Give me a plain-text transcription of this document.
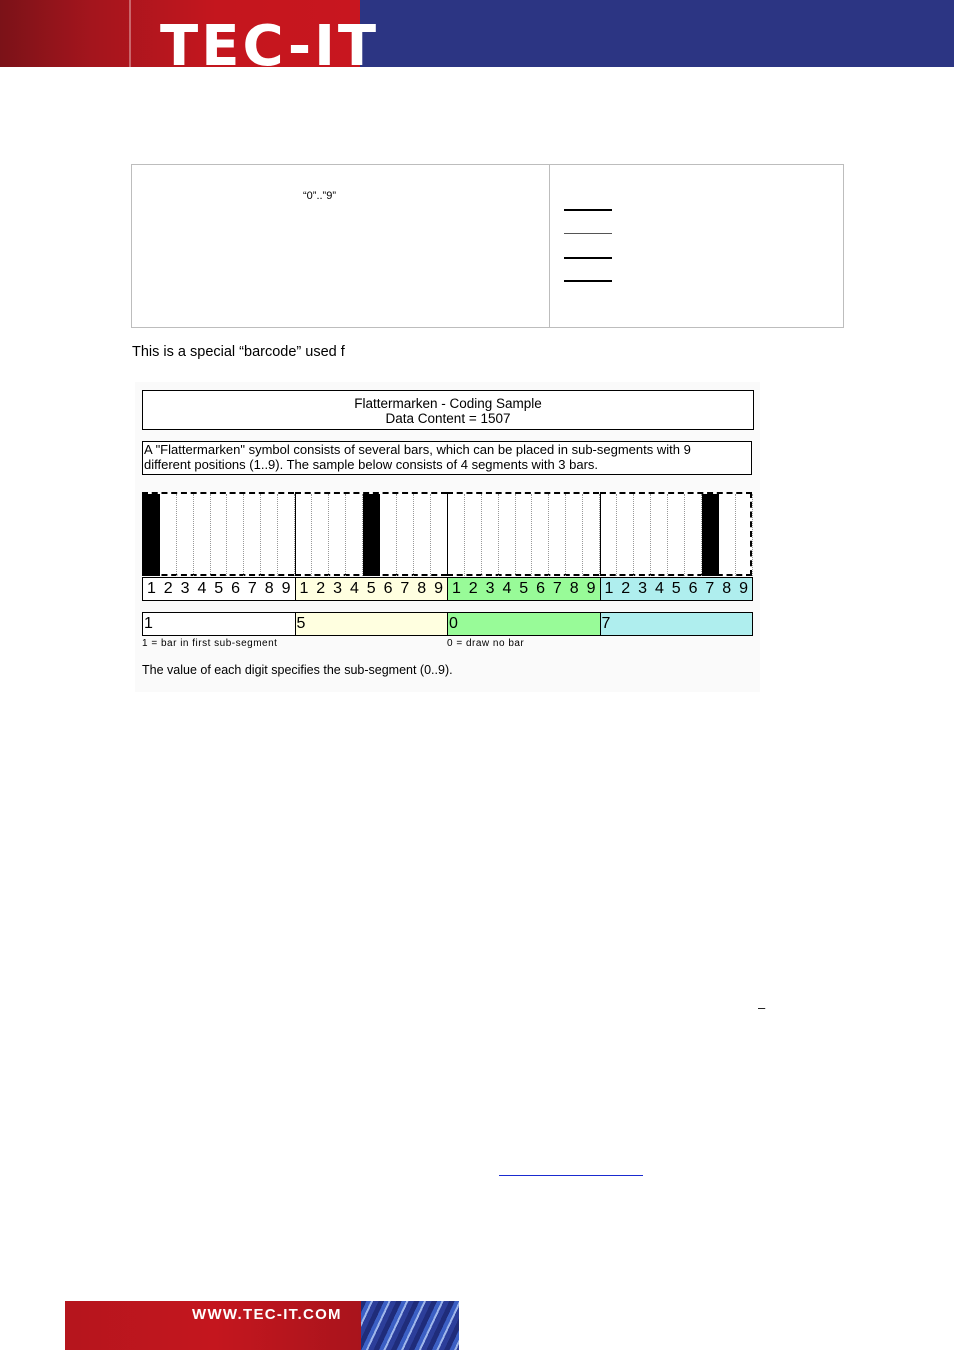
TEC-IT
“0”..”9”
This is a special “barcode” used f
Flattermarken - Coding Sample
Data Content = 1507
A "Flattermarken" symbol consists of several bars, which can be placed in sub-segments with 9
different positions (1..9). The sample below consists of 4 segments with 3 bars.
1 2 3 4 5 6 7 8 9 1 2 3 4 5 6 7 8 9 1 2 3 4 5 6 7 8 9 1 2 3 4 5 6 7 8 9
1	5	0	7
1 = bar in first sub-segment	0 = draw no bar
The value of each digit specifies the sub-segment (0..9).
–
WWW.TEC-IT.COM
